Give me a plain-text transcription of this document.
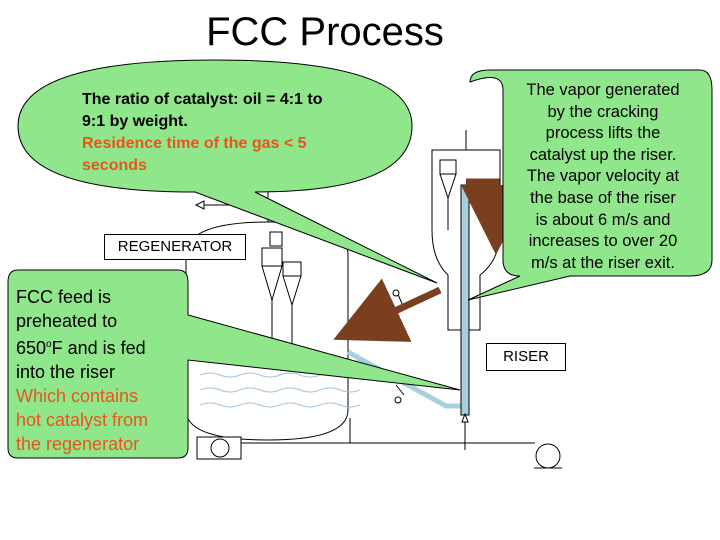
FCC Process
The ratio of catalyst: oil = 4:1 to
9:1 by weight.
Residence time of the gas < 5
seconds
The vapor generated
by the cracking
process lifts the
catalyst up the riser.
The vapor velocity at
the base of the riser
is about 6 m/s and
increases to over 20
m/s at the riser exit.
FCC feed is
preheated to
650$^o$F and is fed
into the riser
Which contains
hot catalyst from
the regenerator
REGENERATOR
RISER
